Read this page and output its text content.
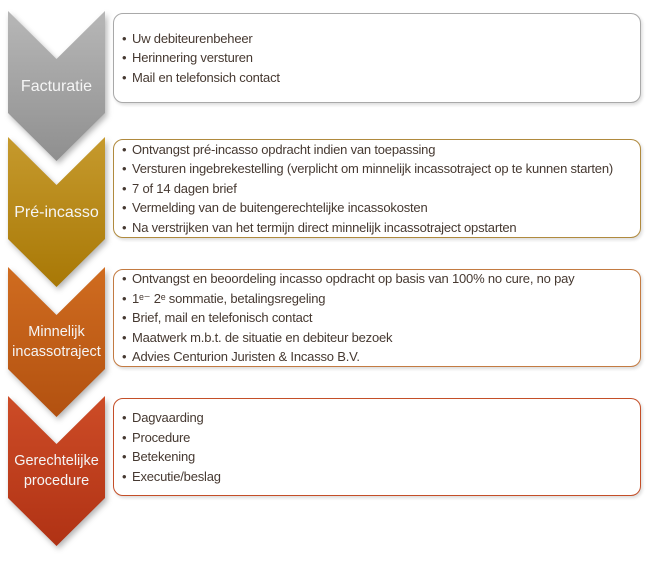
• Uw debiteurenbeheer
• Herinnering versturen
• Mail en telefonsich contact
Facturatie
• Ontvangst pré-incasso opdracht indien van toepassing
• Versturen ingebrekestelling (verplicht om minnelijk incassotraject op te kunnen starten)
• 7 of 14 dagen brief
• Vermelding van de buitengerechtelijke incassokosten
• Na verstrijken van het termijn direct minnelijk incassotraject opstarten
Pré-incasso
• Ontvangst en beoordeling incasso opdracht op basis van 100% no cure, no pay
• 1ᵉ⁻ 2ᵉ sommatie, betalingsregeling
• Brief, mail en telefonisch contact
• Maatwerk m.b.t. de situatie en debiteur bezoek
• Advies Centurion Juristen & Incasso B.V.
Minnelijk
incassotraject
• Dagvaarding
• Procedure
• Betekening
• Executie/beslag
Gerechtelijke
procedure
